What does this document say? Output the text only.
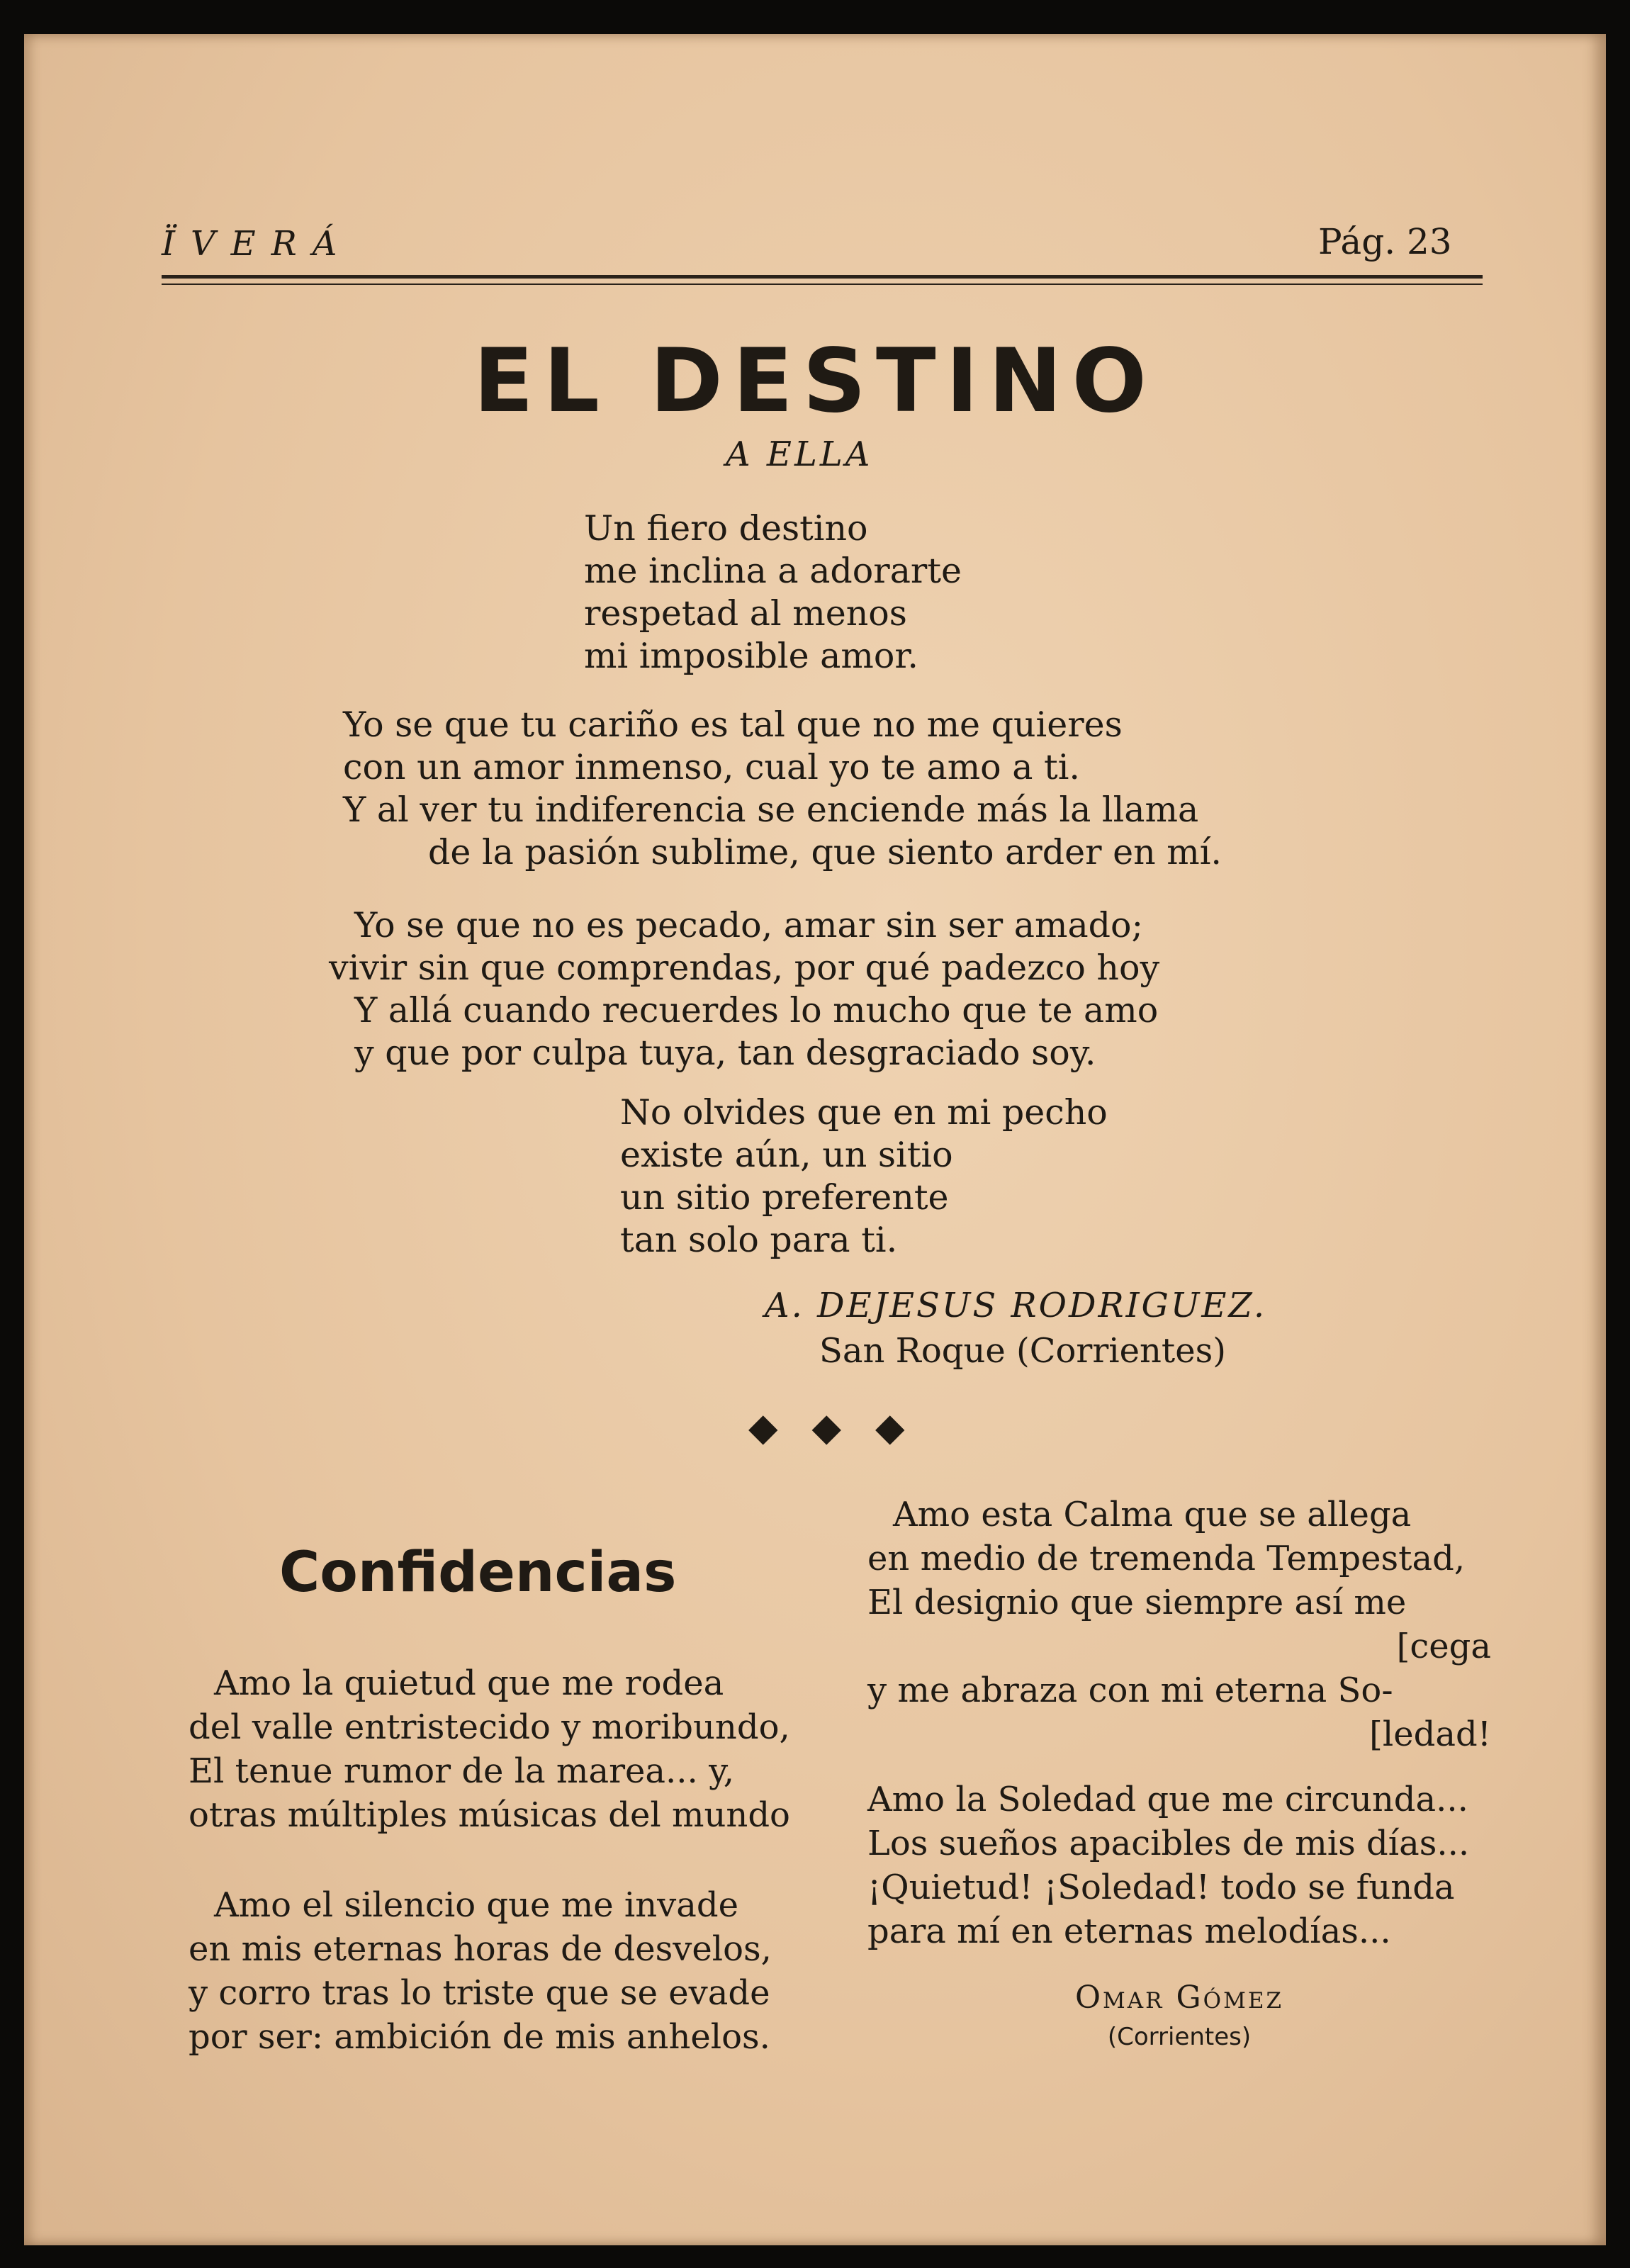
ÏVERÁ	Pág. 23
EL DESTINO
A ELLA
Un fiero destino
me inclina a adorarte
respetad al menos
mi imposible amor.
Yo se que tu cariño es tal que no me quieres
con un amor inmenso, cual yo te amo a ti.
Y al ver tu indiferencia se enciende más la llama
de la pasión sublime, que siento arder en mí.
Yo se que no es pecado, amar sin ser amado;
vivir sin que comprendas, por qué padezco hoy
Y allá cuando recuerdes lo mucho que te amo
y que por culpa tuya, tan desgraciado soy.
No olvides que en mi pecho
existe aún, un sitio
un sitio preferente
tan solo para ti.
A. DEJESUS RODRIGUEZ.
San Roque (Corrientes)
◆◆◆
Confidencias
Amo la quietud que me rodea
del valle entristecido y moribundo,
El tenue rumor de la marea... y,
otras múltiples músicas del mundo
Amo el silencio que me invade
en mis eternas horas de desvelos,
y corro tras lo triste que se evade
por ser: ambición de mis anhelos.
Amo esta Calma que se allega
en medio de tremenda Tempestad,
El designio que siempre así me
[cega
y me abraza con mi eterna So-
[ledad!
Amo la Soledad que me circunda...
Los sueños apacibles de mis días...
¡Quietud! ¡Soledad! todo se funda
para mí en eternas melodías...
Omar Gómez
(Corrientes)
